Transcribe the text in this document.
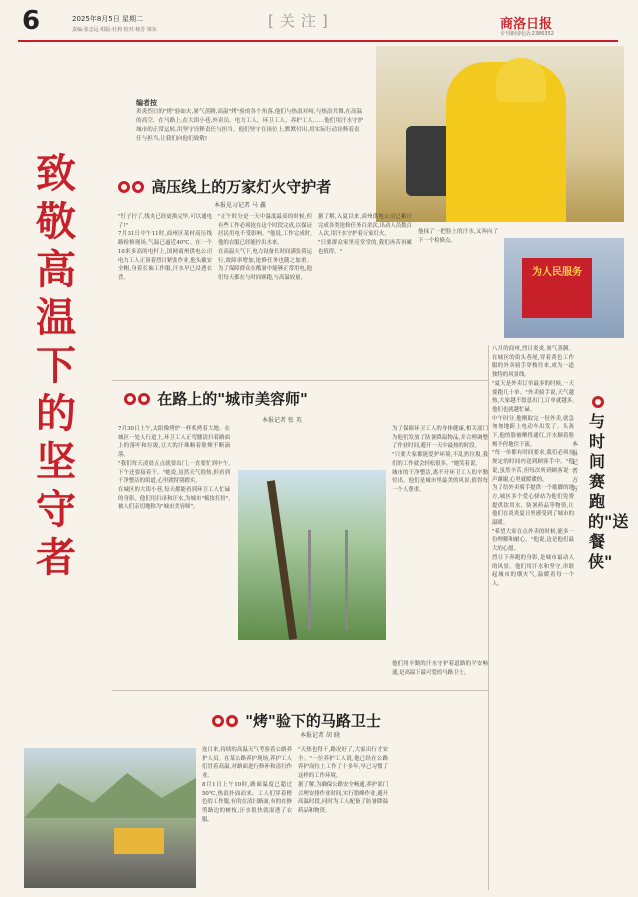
6	2025年8月5日 星期二
责编:张志远 组版:杜莉 校对:杨芳 梁东	[关注]	商洛日报
专刊新闻电话:2386352
致敬高温下的坚守者
编者按
炎炎烈日的"烤"验如火,暑气蒸腾,高温"烤"验的各个角落,他们与热浪对峙,与热浪共舞,在高温的高空、在马路上,在大街小巷,外卖员、电力工人、环卫工人、养护工人……他们用汗水守护城市的正常运转,用坚守诠释责任与担当。他们坚守在岗位上,默默付出,用实际行动诠释着责任与担当,让我们向他们致敬!
为人民服务
高压线上的万家灯火守护者
本报见习记者 马 鑫

"钉子拧了,线夹已经更换完毕,可以通电了!"

7月31日中午11时,商州区某村高压线路检修现场,气温已逼近40℃。在一个10米多高的电杆上,国网商州供电公司电力工人正顶着烈日紧张作业,他头戴安全帽,身着长袖工作服,汗水早已浸透衣背。

"正午时分是一天中温度最高的时候,但有些工作必须抢在这个时段完成,以保证居民用电不受影响。"他说,工作完成时,他的衣服已经能拧出水来。

在高温天气下,电力设备长时间满负荷运行,故障率增加,抢修任务也随之加重。为了保障群众在酷暑中能够正常用电,他们每天都在与时间赛跑,与高温较量。

据了解,入夏以来,商州供电公司已累计完成各类抢修任务百余次,出动人员数百人次,用汗水守护着万家灯火。

"只要群众家里亮堂堂的,我们再苦再累也值得。"

他抹了一把脸上的汗水,又奔向了下一个检修点。

在路上的"城市美容师"
本报记者 张 英

7月30日上午,太阳像烤炉一样炙烤着大地。在城区一处人行道上,环卫工人正弯腰清扫着路面上的落叶和垃圾,豆大的汗珠顺着脸颊不断滴落。

"我们每天凌晨五点就要出门,一直要忙到中午,下午还要接着干。"她说,虽然天气很热,但看到干净整洁的街道,心里就特别踏实。

在城区的大街小巷,每天都能看到环卫工人忙碌的身影。他们用扫帚和汗水,为城市"梳妆打扮",被人们亲切地称为"城市美容师"。

为了保障环卫工人的身体健康,相关部门为他们发放了防暑降温物品,并合理调整了作业时间,避开一天中最热的时段。

"只要大家都能爱护环境,不乱扔垃圾,我们的工作就会轻松很多。"她笑着说。

城市的干净整洁,离不开环卫工人的辛勤付出。他们是城市里最美的风景,值得每一个人尊重。

与时间赛跑的"送餐侠"
本报记者 方 方

八月的商州,烈日炎炎,暑气蒸腾。在城区的街头巷尾,穿着黄色工作服的外卖骑手穿梭往来,成为一道独特的风景线。

"夏天是外卖订单最多的时候,一天要跑几十单。"外卖骑手说,天气越热,大家越不愿意出门,订单就越多,他们也就越忙碌。

中午时分,他刚取完一份外卖,就急匆匆地跨上电动车出发了。头盔下,他的脸被晒得通红,汗水顺着脸颊不停地往下流。

"每一单都有时间要求,我们必须在规定的时间内送到顾客手中。"他说,虽然辛苦,但每次听到顾客说一声谢谢,心里就暖暖的。

为了给外卖骑手提供一个歇脚的地方,城区多个爱心驿站为他们免费提供饮用水、防暑药品等物资,让他们在炎炎夏日里感受到了城市的温暖。

"希望大家在点外卖的时候,能多一份理解和耐心。"他说,这是他们最大的心愿。

烈日下奔跑的身影,是城市最动人的风景。他们用汗水和坚守,串联起城市的烟火气,温暖着每一个人。

"烤"验下的马路卫士
本报记者 胡 晓

连日来,持续的高温天气考验着公路养护人员。在某公路养护现场,养护工人们冒着高温,对路面进行修补和清扫作业。

8月1日上午10时,路面温度已超过50℃,热浪扑面而来。工人们穿着橙色的工作服,有的在清扫路面,有的在修剪路边的树枝,汗水很快就湿透了衣服。

"天热也得干,路况好了,大家出行才安全。"一位养护工人说,他已经在公路养护岗位上工作了十多年,早已习惯了这样的工作环境。

据了解,为确保公路安全畅通,养护部门合理安排作业时间,实行错峰作业,避开高温时段,同时为工人配备了防暑降温药品和物资。

他们用辛勤的汗水守护着道路的平安畅通,是高温下最可爱的马路卫士。
